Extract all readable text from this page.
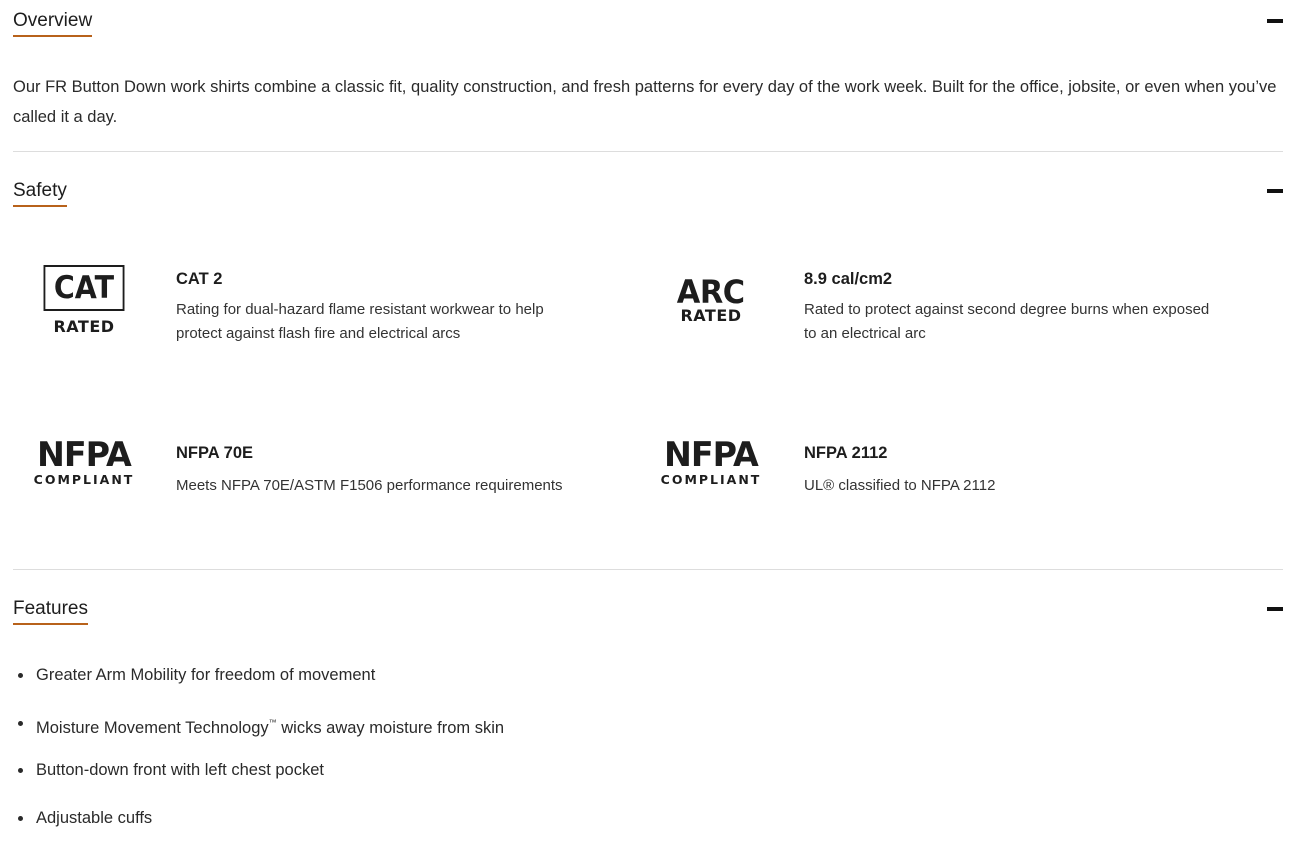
Overview
Our FR Button Down work shirts combine a classic fit, quality construction, and fresh patterns for every day of the work week. Built for the office, jobsite, or even when you’ve called it a day.
Safety
CAT
RATED
CAT 2
Rating for dual-hazard flame resistant workwear to help protect against flash fire and electrical arcs
ARC
RATED
8.9 cal/cm2
Rated to protect against second degree burns when exposed to an electrical arc
NFPA
COMPLIANT
NFPA 70E
Meets NFPA 70E/ASTM F1506 performance requirements
NFPA
COMPLIANT
NFPA 2112
UL® classified to NFPA 2112
Features
Greater Arm Mobility for freedom of movement
Moisture Movement Technology™ wicks away moisture from skin
Button-down front with left chest pocket
Adjustable cuffs
